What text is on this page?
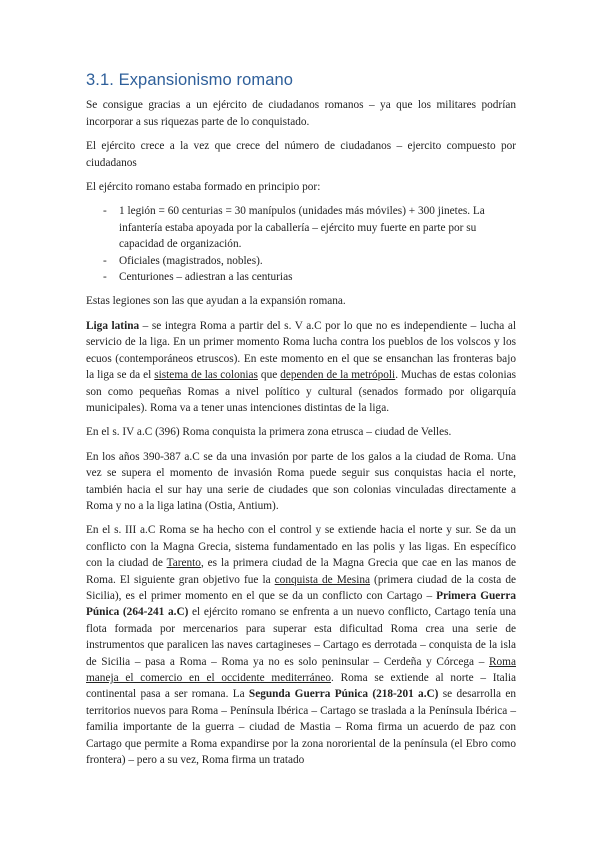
3.1. Expansionismo romano

Se consigue gracias a un ejército de ciudadanos romanos – ya que los militares podrían incorporar a sus riquezas parte de lo conquistado.

El ejército crece a la vez que crece del número de ciudadanos – ejercito compuesto por ciudadanos

El ejército romano estaba formado en principio por:

- 1 legión = 60 centurias = 30 manípulos (unidades más móviles) + 300 jinetes. La infantería estaba apoyada por la caballería – ejército muy fuerte en parte por su capacidad de organización.
- Oficiales (magistrados, nobles).
- Centuriones – adiestran a las centurias

Estas legiones son las que ayudan a la expansión romana.

Liga latina – se integra Roma a partir del s. V a.C por lo que no es independiente – lucha al servicio de la liga. En un primer momento Roma lucha contra los pueblos de los volscos y los ecuos (contemporáneos etruscos). En este momento en el que se ensanchan las fronteras bajo la liga se da el sistema de las colonias que dependen de la metrópoli. Muchas de estas colonias son como pequeñas Romas a nivel político y cultural (senados formado por oligarquía municipales). Roma va a tener unas intenciones distintas de la liga.

En el s. IV a.C (396) Roma conquista la primera zona etrusca – ciudad de Velles.

En los años 390-387 a.C se da una invasión por parte de los galos a la ciudad de Roma. Una vez se supera el momento de invasión Roma puede seguir sus conquistas hacia el norte, también hacia el sur hay una serie de ciudades que son colonias vinculadas directamente a Roma y no a la liga latina (Ostia, Antium).

En el s. III a.C Roma se ha hecho con el control y se extiende hacia el norte y sur. Se da un conflicto con la Magna Grecia, sistema fundamentado en las polis y las ligas. En específico con la ciudad de Tarento, es la primera ciudad de la Magna Grecia que cae en las manos de Roma. El siguiente gran objetivo fue la conquista de Mesina (primera ciudad de la costa de Sicilia), es el primer momento en el que se da un conflicto con Cartago – Primera Guerra Púnica (264-241 a.C) el ejército romano se enfrenta a un nuevo conflicto, Cartago tenía una flota formada por mercenarios para superar esta dificultad Roma crea una serie de instrumentos que paralicen las naves cartagineses – Cartago es derrotada – conquista de la isla de Sicilia – pasa a Roma – Roma ya no es solo peninsular – Cerdeña y Córcega – Roma maneja el comercio en el occidente mediterráneo. Roma se extiende al norte – Italia continental pasa a ser romana. La Segunda Guerra Púnica (218-201 a.C) se desarrolla en territorios nuevos para Roma – Península Ibérica – Cartago se traslada a la Península Ibérica – familia importante de la guerra – ciudad de Mastia – Roma firma un acuerdo de paz con Cartago que permite a Roma expandirse por la zona nororiental de la península (el Ebro como frontera) – pero a su vez, Roma firma un tratado
